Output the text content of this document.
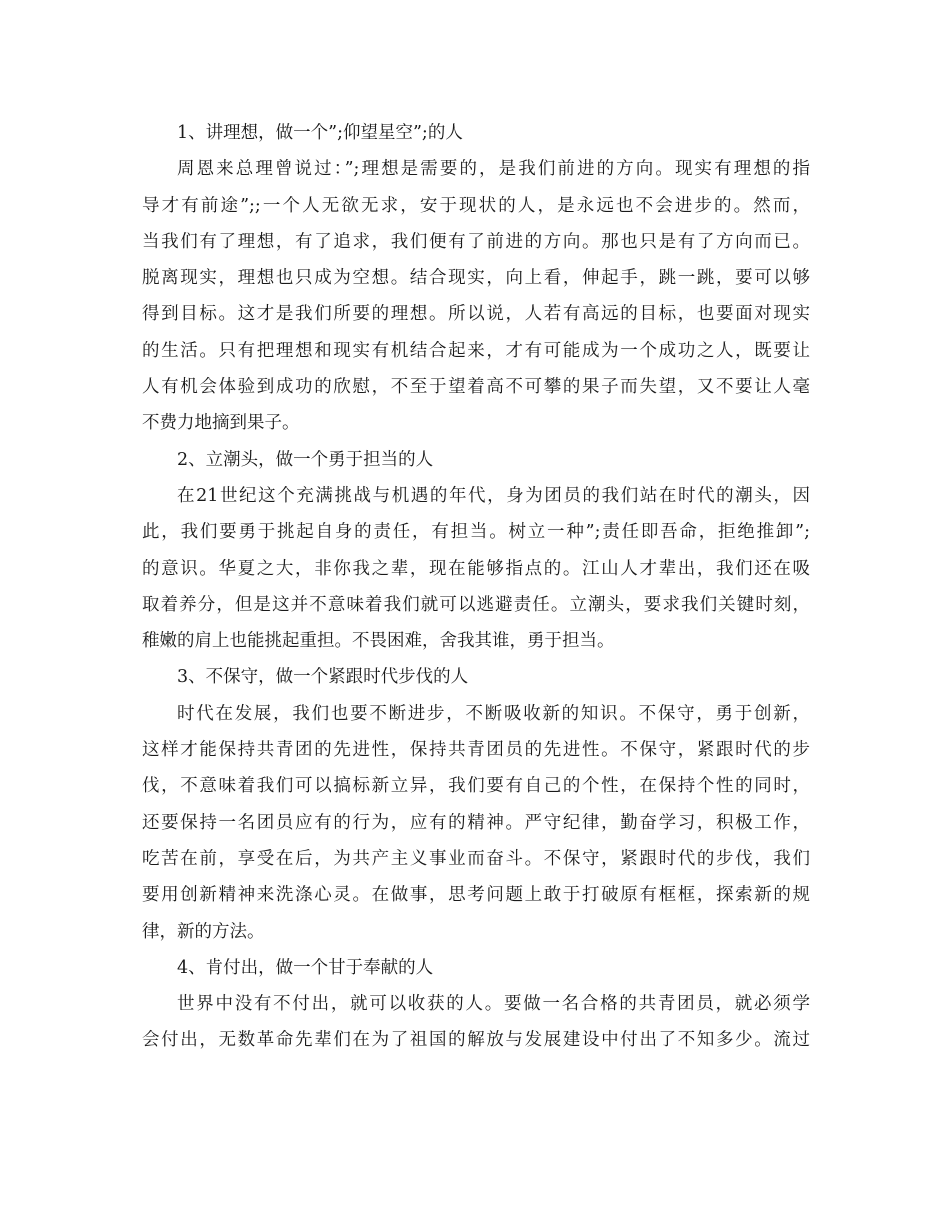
1、讲理想，做一个”;仰望星空”;的人
周恩来总理曾说过：”;理想是需要的，是我们前进的方向。现实有理想的指
导才有前途”;;一个人无欲无求，安于现状的人，是永远也不会进步的。然而，
当我们有了理想，有了追求，我们便有了前进的方向。那也只是有了方向而已。
脱离现实，理想也只成为空想。结合现实，向上看，伸起手，跳一跳，要可以够
得到目标。这才是我们所要的理想。所以说，人若有高远的目标，也要面对现实
的生活。只有把理想和现实有机结合起来，才有可能成为一个成功之人，既要让
人有机会体验到成功的欣慰，不至于望着高不可攀的果子而失望，又不要让人毫
不费力地摘到果子。
2、立潮头，做一个勇于担当的人
在21世纪这个充满挑战与机遇的年代，身为团员的我们站在时代的潮头，因
此，我们要勇于挑起自身的责任，有担当。树立一种”;责任即吾命，拒绝推卸”;
的意识。华夏之大，非你我之辈，现在能够指点的。江山人才辈出，我们还在吸
取着养分，但是这并不意味着我们就可以逃避责任。立潮头，要求我们关键时刻，
稚嫩的肩上也能挑起重担。不畏困难，舍我其谁，勇于担当。
3、不保守，做一个紧跟时代步伐的人
时代在发展，我们也要不断进步，不断吸收新的知识。不保守，勇于创新，
这样才能保持共青团的先进性，保持共青团员的先进性。不保守，紧跟时代的步
伐，不意味着我们可以搞标新立异，我们要有自己的个性，在保持个性的同时，
还要保持一名团员应有的行为，应有的精神。严守纪律，勤奋学习，积极工作，
吃苦在前，享受在后，为共产主义事业而奋斗。不保守，紧跟时代的步伐，我们
要用创新精神来洗涤心灵。在做事，思考问题上敢于打破原有框框，探索新的规
律，新的方法。
4、肯付出，做一个甘于奉献的人
世界中没有不付出，就可以收获的人。要做一名合格的共青团员，就必须学
会付出，无数革命先辈们在为了祖国的解放与发展建设中付出了不知多少。流过
